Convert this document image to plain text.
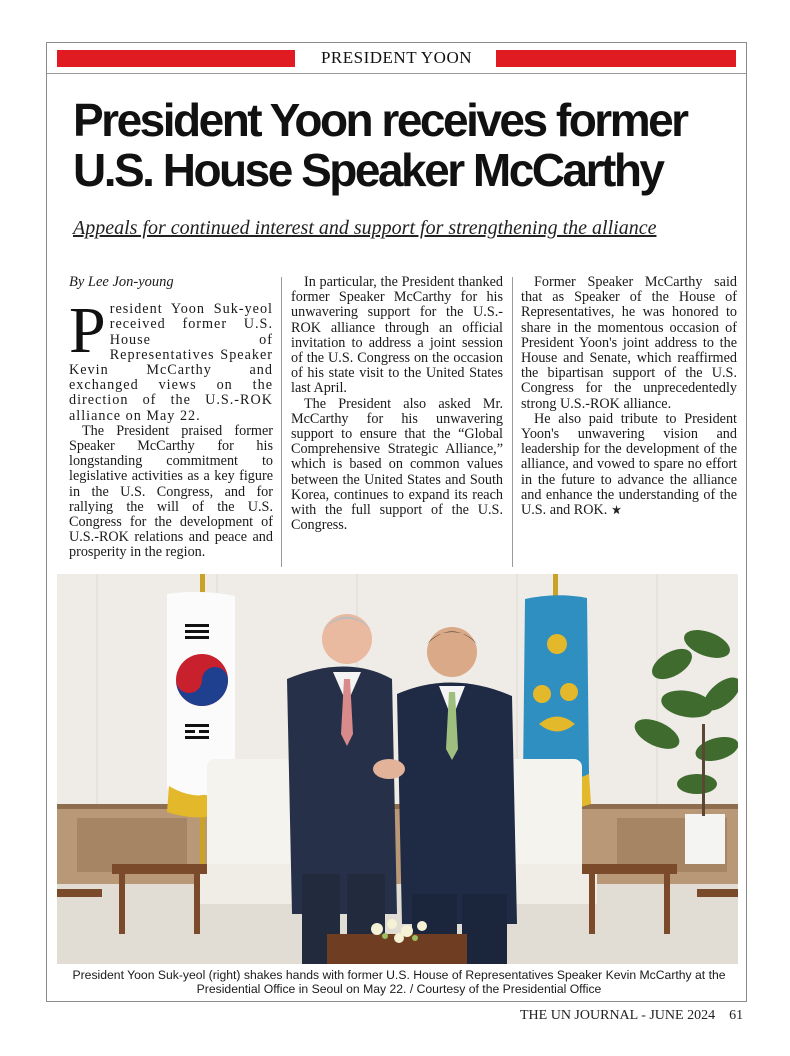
PRESIDENT YOON
President Yoon receives former U.S. House Speaker McCarthy
Appeals for continued interest and support for strengthening the alliance
By Lee Jon-young
P resident Yoon Suk-yeol received former U.S. House of Representatives Speaker Kevin McCarthy and exchanged views on the direction of the U.S.-ROK alliance on May 22.

The President praised former Speaker McCarthy for his longstanding commitment to legislative activities as a key figure in the U.S. Congress, and for rallying the will of the U.S. Congress for the development of U.S.-ROK relations and peace and prosperity in the region.

In particular, the President thanked former Speaker McCarthy for his unwavering support for the U.S.-ROK alliance through an official invitation to address a joint session of the U.S. Congress on the occasion of his state visit to the United States last April.

The President also asked Mr. McCarthy for his unwavering support to ensure that the “Global Comprehensive Strategic Alliance,” which is based on common values between the United States and South Korea, continues to expand its reach with the full support of the U.S. Congress.

Former Speaker McCarthy said that as Speaker of the House of Representatives, he was honored to share in the momentous occasion of President Yoon's joint address to the House and Senate, which reaffirmed the bipartisan support of the U.S. Congress for the unprecedentedly strong U.S.-ROK alliance.

He also paid tribute to President Yoon's unwavering vision and leadership for the development of the alliance, and vowed to spare no effort in the future to advance the alliance and enhance the understanding of the U.S. and ROK.

President Yoon Suk-yeol (right) shakes hands with former U.S. House of Representatives Speaker Kevin McCarthy at the Presidential Office in Seoul on May 22. / Courtesy of the Presidential Office
THE UN JOURNAL - JUNE 2024 61
